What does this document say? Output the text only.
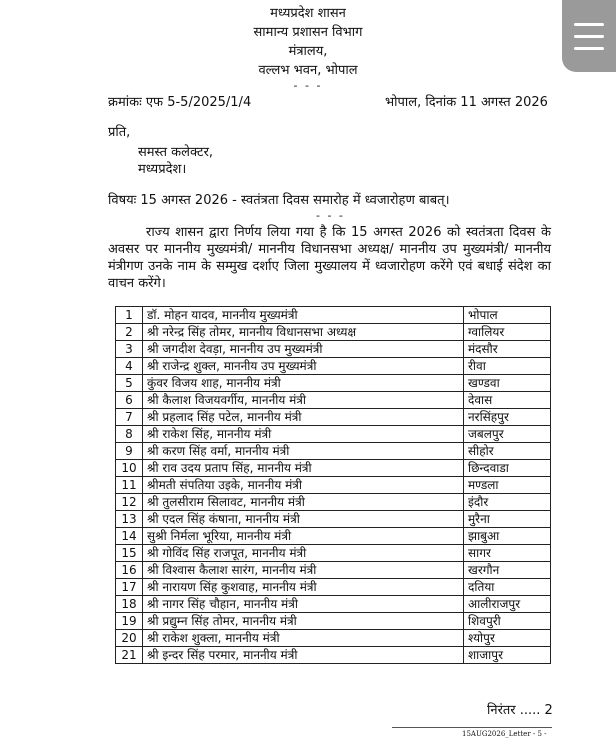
मध्यप्रदेश शासन
सामान्य प्रशासन विभाग
मंत्रालय,
वल्लभ भवन, भोपाल
- - -
क्रमांकः एफ 5-5/2025/1/4	भोपाल, दिनांक 11 अगस्त 2026
प्रति,
समस्त कलेक्टर,
मध्यप्रदेश।
विषयः 15 अगस्त 2026 - स्वतंत्रता दिवस समारोह में ध्वजारोहण बाबत्।
- - -
राज्य शासन द्वारा निर्णय लिया गया है कि 15 अगस्त 2026 को स्वतंत्रता दिवस के अवसर पर माननीय मुख्यमंत्री/ माननीय विधानसभा अध्यक्ष/ माननीय उप मुख्यमंत्री/ माननीय मंत्रीगण उनके नाम के सम्मुख दर्शाए जिला मुख्यालय में ध्वजारोहण करेंगे एवं बधाई संदेश का वाचन करेंगे।
1	डॉ. मोहन यादव, माननीय मुख्यमंत्री	भोपाल
2	श्री नरेन्द्र सिंह तोमर, माननीय विधानसभा अध्यक्ष	ग्वालियर
3	श्री जगदीश देवड़ा, माननीय उप मुख्यमंत्री	मंदसौर
4	श्री राजेन्द्र शुक्ल, माननीय उप मुख्यमंत्री	रीवा
5	कुंवर विजय शाह, माननीय मंत्री	खण्डवा
6	श्री कैलाश विजयवर्गीय, माननीय मंत्री	देवास
7	श्री प्रहलाद सिंह पटेल, माननीय मंत्री	नरसिंहपुर
8	श्री राकेश सिंह, माननीय मंत्री	जबलपुर
9	श्री करण सिंह वर्मा, माननीय मंत्री	सीहोर
10	श्री राव उदय प्रताप सिंह, माननीय मंत्री	छिन्दवाडा
11	श्रीमती संपतिया उइके, माननीय मंत्री	मण्डला
12	श्री तुलसीराम सिलावट, माननीय मंत्री	इंदौर
13	श्री एदल सिंह कंषाना, माननीय मंत्री	मुरैना
14	सुश्री निर्मला भूरिया, माननीय मंत्री	झाबुआ
15	श्री गोविंद सिंह राजपूत, माननीय मंत्री	सागर
16	श्री विश्वास कैलाश सारंग, माननीय मंत्री	खरगौन
17	श्री नारायण सिंह कुशवाह, माननीय मंत्री	दतिया
18	श्री नागर सिंह चौहान, माननीय मंत्री	आलीराजपुर
19	श्री प्रद्युम्न सिंह तोमर, माननीय मंत्री	शिवपुरी
20	श्री राकेश शुक्ला, माननीय मंत्री	श्योपुर
21	श्री इन्दर सिंह परमार, माननीय मंत्री	शाजापुर
निरंतर ..... 2
15AUG2026_Letter - 5 -
